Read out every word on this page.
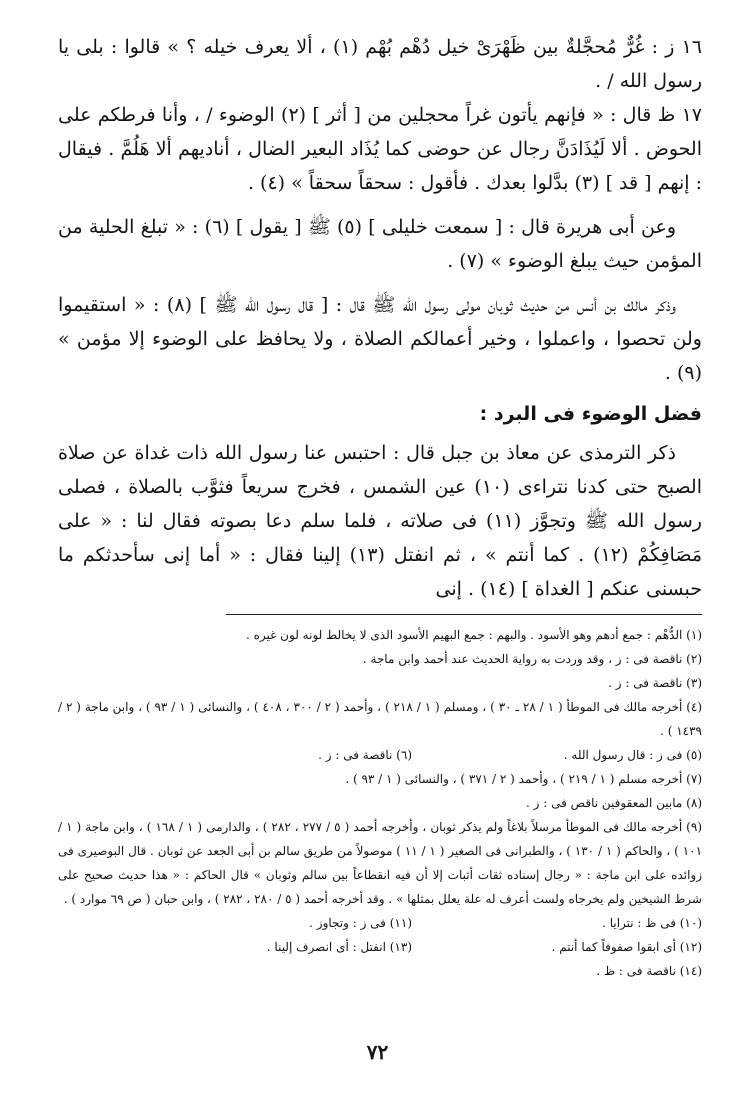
١٦ ز : غُرٌّ مُحجَّلةٌ بين ظَهْرَىْ خيل دُهْم بُهْم (١) ، ألا يعرف خيله ؟ » قالوا : بلى يا رسول الله / .

١٧ ظ قال : « فإنهم يأتون غراً محجلين من [ أثر ] (٢) الوضوء / ، وأنا فرطكم على الحوض . ألا لَيُذَادَنَّ رجال عن حوضى كما يُذَاد البعير الضال ، أناديهم ألا هَلُمَّ . فيقال : إنهم [ قد ] (٣) بدَّلوا بعدك . فأقول : سحقاً سحقاً » (٤) .

وعن أبى هريرة قال : [ سمعت خليلى ] (٥) ﷺ [ يقول ] (٦) : « تبلغ الحلية من المؤمن حيث يبلغ الوضوء » (٧) .

وذكر مالك بن أنس من حديث ثوبان مولى رسول الله ﷺ قال : [ قال رسول الله ﷺ ] (٨) : « استقيموا ولن تحصوا ، واعملوا ، وخير أعمالكم الصلاة ، ولا يحافظ على الوضوء إلا مؤمن » (٩) .

فضل الوضوء فى البرد :

ذكر الترمذى عن معاذ بن جبل قال : احتبس عنا رسول الله ذات غداة عن صلاة الصبح حتى كدنا نتراءى (١٠) عين الشمس ، فخرج سريعاً فثوَّب بالصلاة ، فصلى رسول الله ﷺ وتجوَّز (١١) فى صلاته ، فلما سلم دعا بصوته فقال لنا : « على مَصَافِكُمْ (١٢) . كما أنتم » ، ثم انفتل (١٣) إلينا فقال : « أما إنى سأحدثكم ما حبسنى عنكم [ الغداة ] (١٤) . إنى

(١) الدُّهْم : جمع أدهم وهو الأسود . والبهم : جمع البهيم الأسود الذى لا يخالط لونه لون غيره .

(٢) ناقصة فى : ز ، وقد وردت به رواية الحديث عند أحمد وابن ماجة .

(٣) ناقصة فى : ز .

(٤) أخرجه مالك فى الموطأ ( ١ / ٢٨ ـ ٣٠ ) ، ومسلم ( ١ / ٢١٨ ) ، وأحمد ( ٢ / ٣٠٠ ، ٤٠٨ ) ، والنسائى ( ١ / ٩٣ ) ، وابن ماجة ( ٢ / ١٤٣٩ ) .

(٥) فى ز : قال رسول الله .
(٦) ناقصة فى : ز .

(٧) أخرجه مسلم ( ١ / ٢١٩ ) ، وأحمد ( ٢ / ٣٧١ ) ، والنسائى ( ١ / ٩٣ ) .

(٨) مابين المعقوفين ناقص فى : ز .

(٩) أخرجه مالك فى الموطأ مرسلاً بلاغاً ولم يذكر ثوبان ، وأخرجه أحمد ( ٥ / ٢٧٧ ، ٢٨٢ ) ، والدارمى ( ١ / ١٦٨ ) ، وابن ماجة ( ١ / ١٠١ ) ، والحاكم ( ١ / ١٣٠ ) ، والطبرانى فى الصغير ( ١ / ١١ ) موصولاً من طريق سالم بن أبى الجعد عن ثوبان . قال البوصيرى فى زوائده على ابن ماجة : « رجال إسناده ثقات أثبات إلا أن فيه انقطاعاً بين سالم وثوبان » قال الحاكم : « هذا حديث صحيح على شرط الشيخين ولم يخرجاه ولست أعرف له علة يعلل بمثلها » . وقد أخرجه أحمد ( ٥ / ٢٨٠ ، ٢٨٢ ) ، وابن حبان ( ص ٦٩ موارد ) .

(١٠) فى ظ : نترايا .
(١١) فى ز : وتجاوز .
(١٢) أى ابقوا صفوفاً كما أنتم .
(١٣) انفتل : أى انصرف إلينا .

(١٤) ناقصة فى : ظ .

٧٢
